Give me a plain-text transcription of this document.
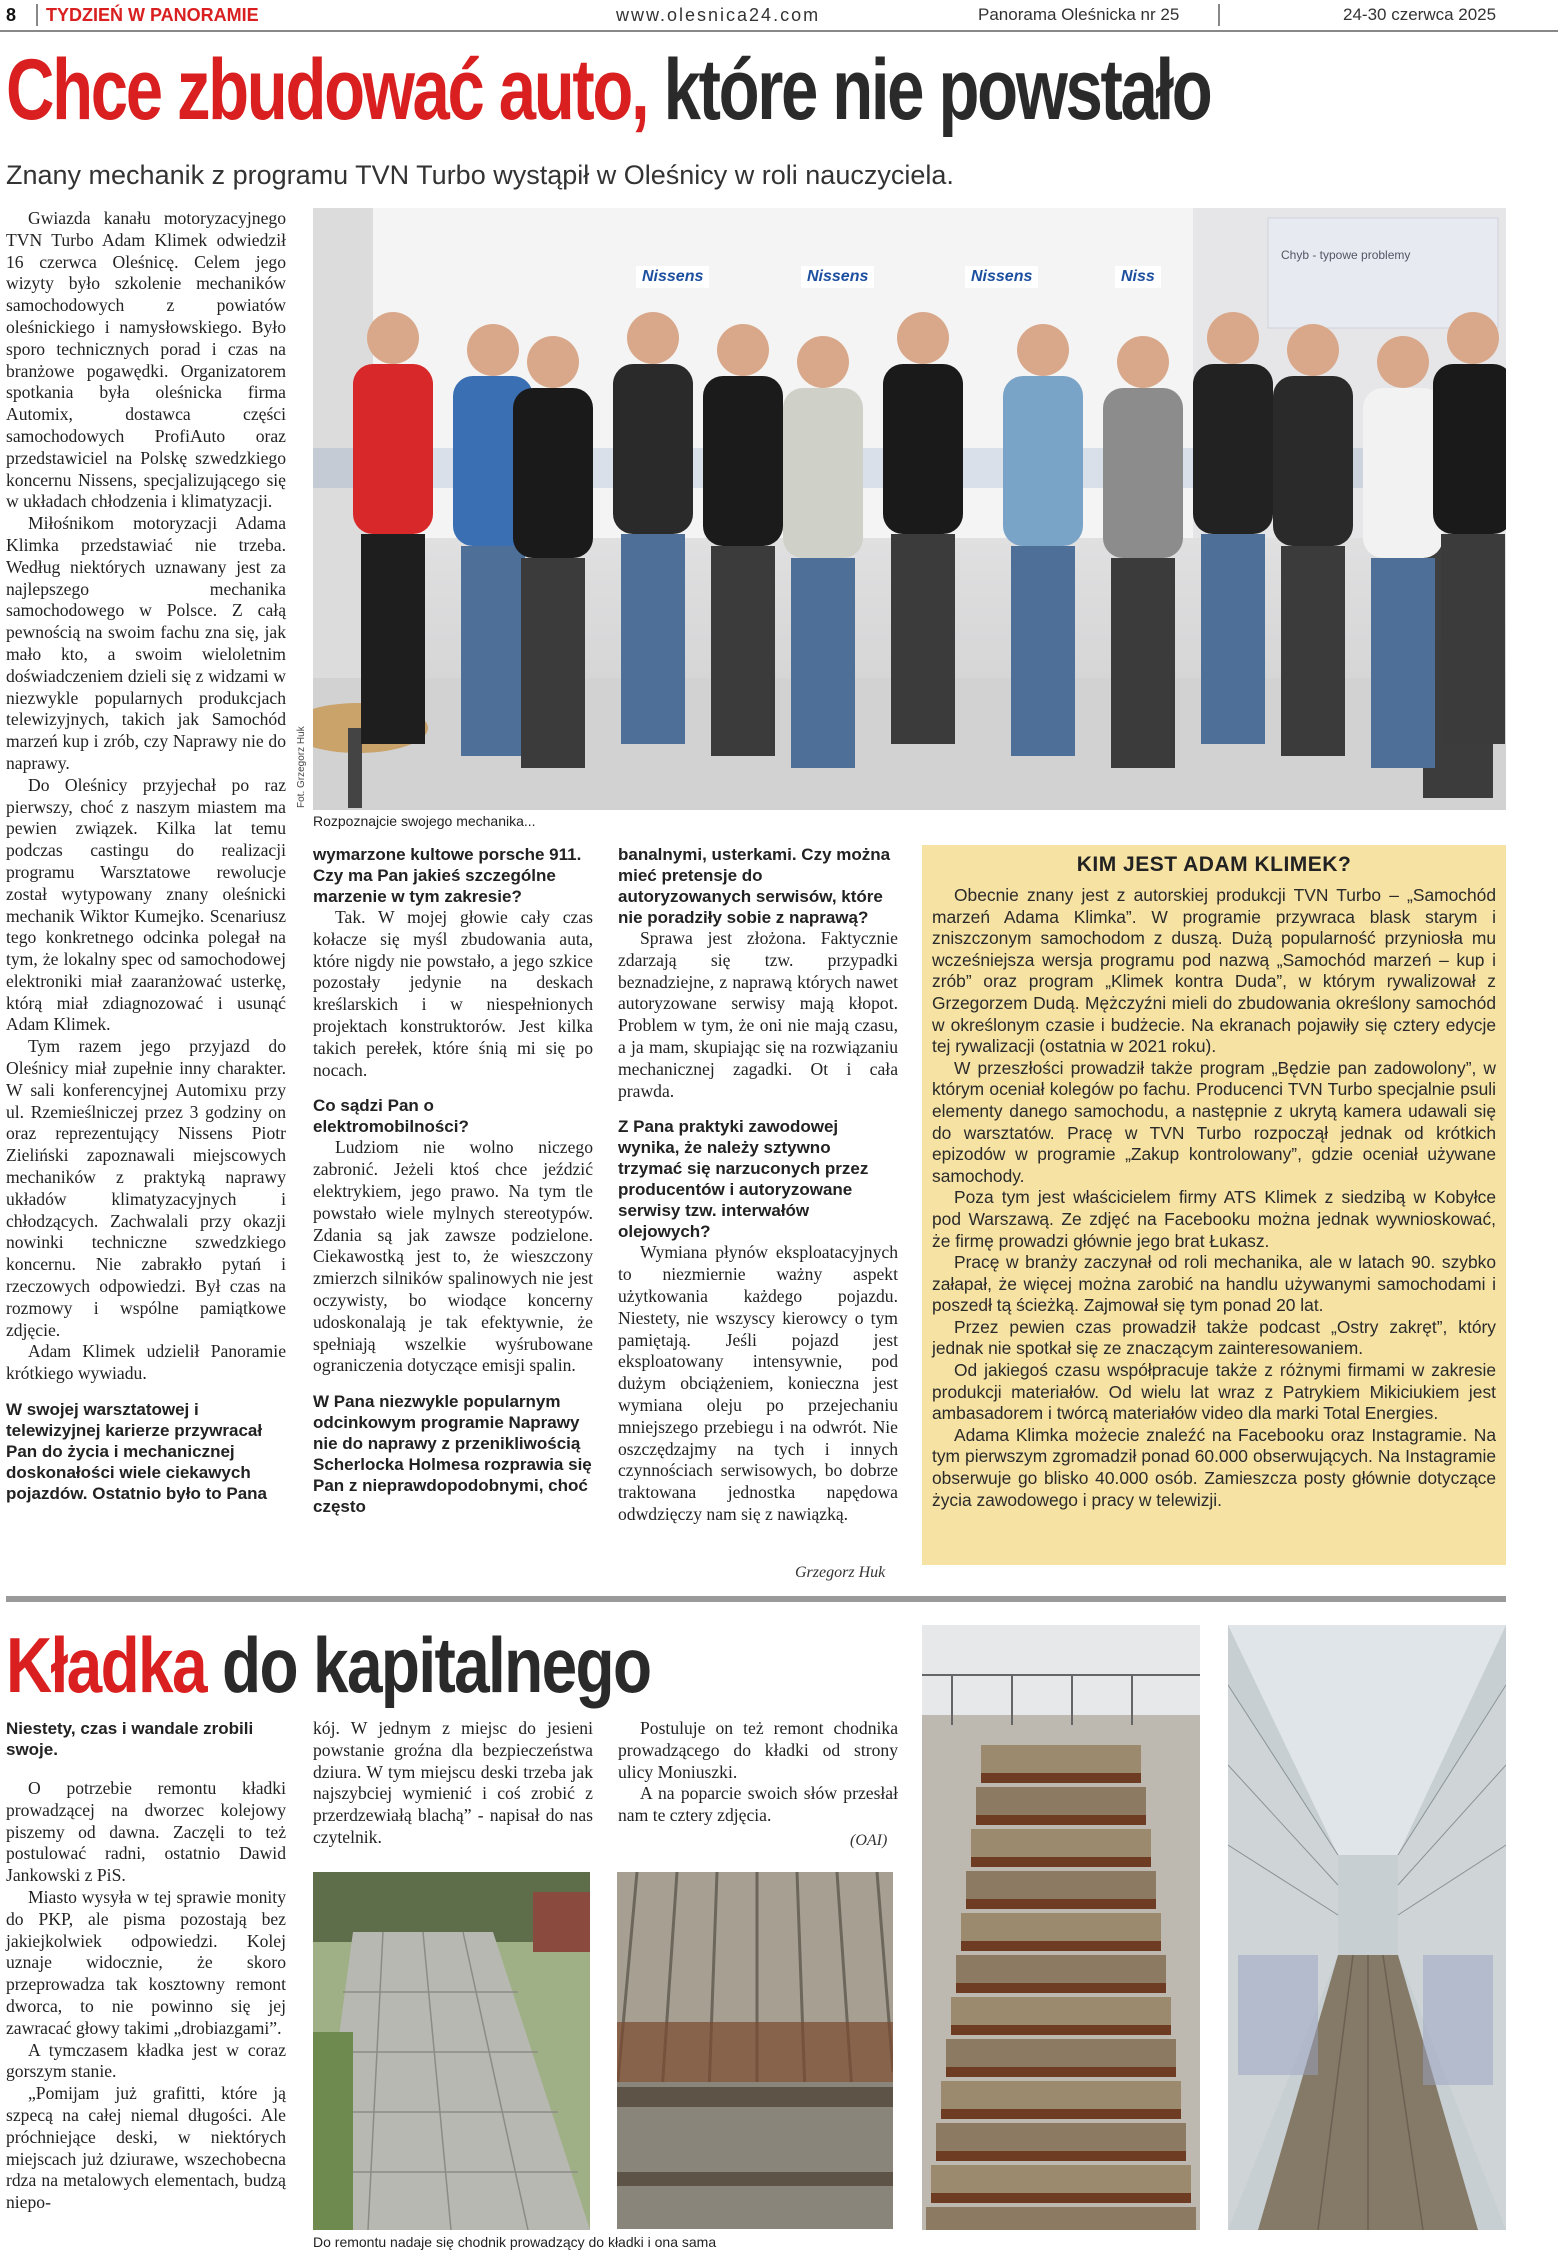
8 TYDZIEŃ W PANORAMIE	www.olesnica24.com	Panorama Oleśnicka nr 25	24-30 czerwca 2025
Chce zbudować auto, które nie powstało
Znany mechanik z programu TVN Turbo wystąpił w Oleśnicy w roli nauczyciela.
Nissens	Nissens	Nissens	Niss
Chyb - typowe problemy
Fot. Grzegorz Huk
Rozpoznajcie swojego mechanika...

Gwiazda kanału motoryzacyjnego TVN Turbo Adam Klimek odwiedził 16 czerwca Oleśnicę. Celem jego wizyty było szkolenie mechaników samochodowych z powiatów oleśnickiego i namysłowskiego. Było sporo technicznych porad i czas na branżowe pogawędki. Organizatorem spotkania była oleśnicka firma Automix, dostawca części samochodowych ProfiAuto oraz przedstawiciel na Polskę szwedzkiego koncernu Nissens, specjalizującego się w układach chłodzenia i klimatyzacji.

Miłośnikom motoryzacji Adama Klimka przedstawiać nie trzeba. Według niektórych uznawany jest za najlepszego mechanika samochodowego w Polsce. Z całą pewnością na swoim fachu zna się, jak mało kto, a swoim wieloletnim doświadczeniem dzieli się z widzami w niezwykle popularnych produkcjach telewizyjnych, takich jak Samochód marzeń kup i zrób, czy Naprawy nie do naprawy.

Do Oleśnicy przyjechał po raz pierwszy, choć z naszym miastem ma pewien związek. Kilka lat temu podczas castingu do realizacji programu Warsztatowe rewolucje został wytypowany znany oleśnicki mechanik Wiktor Kumejko. Scenariusz tego konkretnego odcinka polegał na tym, że lokalny spec od samochodowej elektroniki miał zaaranżować usterkę, którą miał zdiagnozować i usunąć Adam Klimek.

Tym razem jego przyjazd do Oleśnicy miał zupełnie inny charakter. W sali konferencyjnej Automixu przy ul. Rzemieślniczej przez 3 godziny on oraz reprezentujący Nissens Piotr Zieliński zapoznawali miejscowych mechaników z praktyką naprawy układów klimatyzacyjnych i chłodzących. Zachwalali przy okazji nowinki techniczne szwedzkiego koncernu. Nie zabrakło pytań i rzeczowych odpowiedzi. Był czas na rozmowy i wspólne pamiątkowe zdjęcie.

Adam Klimek udzielił Panoramie krótkiego wywiadu.

W swojej warsztatowej i telewizyjnej karierze przywracał Pan do życia i mechanicznej doskonałości wiele ciekawych pojazdów. Ostatnio było to Pana

wymarzone kultowe porsche 911. Czy ma Pan jakieś szczególne marzenie w tym zakresie?

Tak. W mojej głowie cały czas kołacze się myśl zbudowania auta, które nigdy nie powstało, a jego szkice pozostały jedynie na deskach kreślarskich i w niespełnionych projektach konstruktorów. Jest kilka takich perełek, które śnią mi się po nocach.

Co sądzi Pan o elektromobilności?

Ludziom nie wolno niczego zabronić. Jeżeli ktoś chce jeździć elektrykiem, jego prawo. Na tym tle powstało wiele mylnych stereotypów. Zdania są jak zawsze podzielone. Ciekawostką jest to, że wieszczony zmierzch silników spalinowych nie jest oczywisty, bo wiodące koncerny udoskonalają je tak efektywnie, że spełniają wszelkie wyśrubowane ograniczenia dotyczące emisji spalin.

W Pana niezwykle popularnym odcinkowym programie Naprawy nie do naprawy z przenikliwością Scherlocka Holmesa rozprawia się Pan z nieprawdopodobnymi, choć często

banalnymi, usterkami. Czy można mieć pretensje do autoryzowanych serwisów, które nie poradziły sobie z naprawą?

Sprawa jest złożona. Faktycznie zdarzają się tzw. przypadki beznadziejne, z naprawą których nawet autoryzowane serwisy mają kłopot. Problem w tym, że oni nie mają czasu, a ja mam, skupiając się na rozwiązaniu mechanicznej zagadki. Ot i cała prawda.

Z Pana praktyki zawodowej wynika, że należy sztywno trzymać się narzuconych przez producentów i autoryzowane serwisy tzw. interwałów olejowych?

Wymiana płynów eksploatacyjnych to niezmiernie ważny aspekt użytkowania każdego pojazdu. Niestety, nie wszyscy kierowcy o tym pamiętają. Jeśli pojazd jest eksploatowany intensywnie, pod dużym obciążeniem, konieczna jest wymiana oleju po przejechaniu mniejszego przebiegu i na odwrót. Nie oszczędzajmy na tych i innych czynnościach serwisowych, bo dobrze traktowana jednostka napędowa odwdzięczy nam się z nawiązką.

Grzegorz Huk
KIM JEST ADAM KLIMEK?

Obecnie znany jest z autorskiej produkcji TVN Turbo – „Samochód marzeń Adama Klimka”. W programie przywraca blask starym i zniszczonym samochodom z duszą. Dużą popularność przyniosła mu wcześniejsza wersja programu pod nazwą „Samochód marzeń – kup i zrób” oraz program „Klimek kontra Duda”, w którym rywalizował z Grzegorzem Dudą. Mężczyźni mieli do zbudowania określony samochód w określonym czasie i budżecie. Na ekranach pojawiły się cztery edycje tej rywalizacji (ostatnia w 2021 roku).

W przeszłości prowadził także program „Będzie pan zadowolony”, w którym oceniał kolegów po fachu. Producenci TVN Turbo specjalnie psuli elementy danego samochodu, a następnie z ukrytą kamera udawali się do warsztatów. Pracę w TVN Turbo rozpoczął jednak od krótkich epizodów w programie „Zakup kontrolowany”, gdzie oceniał używane samochody.

Poza tym jest właścicielem firmy ATS Klimek z siedzibą w Kobyłce pod Warszawą. Ze zdjęć na Facebooku można jednak wywnioskować, że firmę prowadzi głównie jego brat Łukasz.

Pracę w branży zaczynał od roli mechanika, ale w latach 90. szybko załapał, że więcej można zarobić na handlu używanymi samochodami i poszedł tą ścieżką. Zajmował się tym ponad 20 lat.

Przez pewien czas prowadził także podcast „Ostry zakręt”, który jednak nie spotkał się ze znaczącym zainteresowaniem.

Od jakiegoś czasu współpracuje także z różnymi firmami w zakresie produkcji materiałów. Od wielu lat wraz z Patrykiem Mikiciukiem jest ambasadorem i twórcą materiałów video dla marki Total Energies.

Adama Klimka możecie znaleźć na Facebooku oraz Instagramie. Na tym pierwszym zgromadził ponad 60.000 obserwujących. Na Instagramie obserwuje go blisko 40.000 osób. Zamieszcza posty głównie dotyczące życia zawodowego i pracy w telewizji.

Kładka do kapitalnego

Niestety, czas i wandale zrobili swoje.

O potrzebie remontu kładki prowadzącej na dworzec kolejowy piszemy od dawna. Zaczęli to też postulować radni, ostatnio Dawid Jankowski z PiS.

Miasto wysyła w tej sprawie monity do PKP, ale pisma pozostają bez jakiejkolwiek odpowiedzi. Kolej uznaje widocznie, że skoro przeprowadza tak kosztowny remont dworca, to nie powinno się jej zawracać głowy takimi „drobiazgami”.

A tymczasem kładka jest w coraz gorszym stanie.

„Pomijam już grafitti, które ją szpecą na całej niemal długości. Ale próchniejące deski, w niektórych miejscach już dziurawe, wszechobecna rdza na metalowych elementach, budzą niepo-

kój. W jednym z miejsc do jesieni powstanie groźna dla bezpieczeństwa dziura. W tym miejscu deski trzeba jak najszybciej wymienić i coś zrobić z przerdzewiałą blachą” - napisał do nas czytelnik.

Postuluje on też remont chodnika prowadzącego do kładki od strony ulicy Moniuszki.

A na poparcie swoich słów przesłał nam te cztery zdjęcia.

(OAI)
Do remontu nadaje się chodnik prowadzący do kładki i ona sama
